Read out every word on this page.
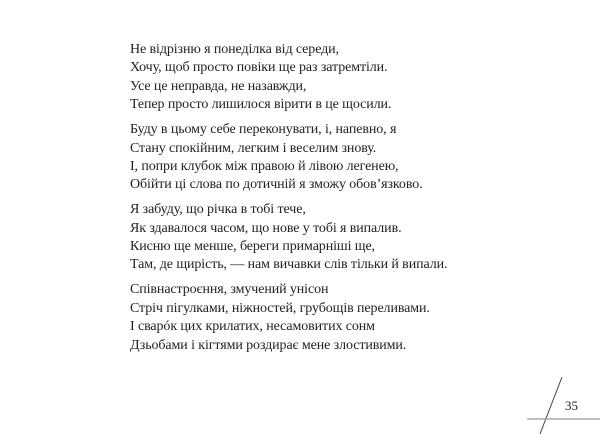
Не відрізню я понеділка від середи,
Хочу, щоб просто повіки ще раз затремтіли.
Усе це неправда, не назавжди,
Тепер просто лишилося вірити в це щосили.
Буду в цьому себе переконувати, і, напевно, я
Стану спокійним, легким і веселим знову.
І, попри клубок між правою й лівою легенею,
Обійти ці слова по дотичній я зможу обов’язково.
Я забуду, що річка в тобі тече,
Як здавалося часом, що нове у тобі я випалив.
Кисню ще менше, береги примарніші ще,
Там, де щирість, — нам вичавки слів тільки й випали.
Співнастроєння, змучений унісон
Стріч пігулками, ніжностей, грубощів переливами.
І сварóк цих крилатих, несамовитих сонм
Дзьобами і кігтями роздирає мене злостивими.
35
